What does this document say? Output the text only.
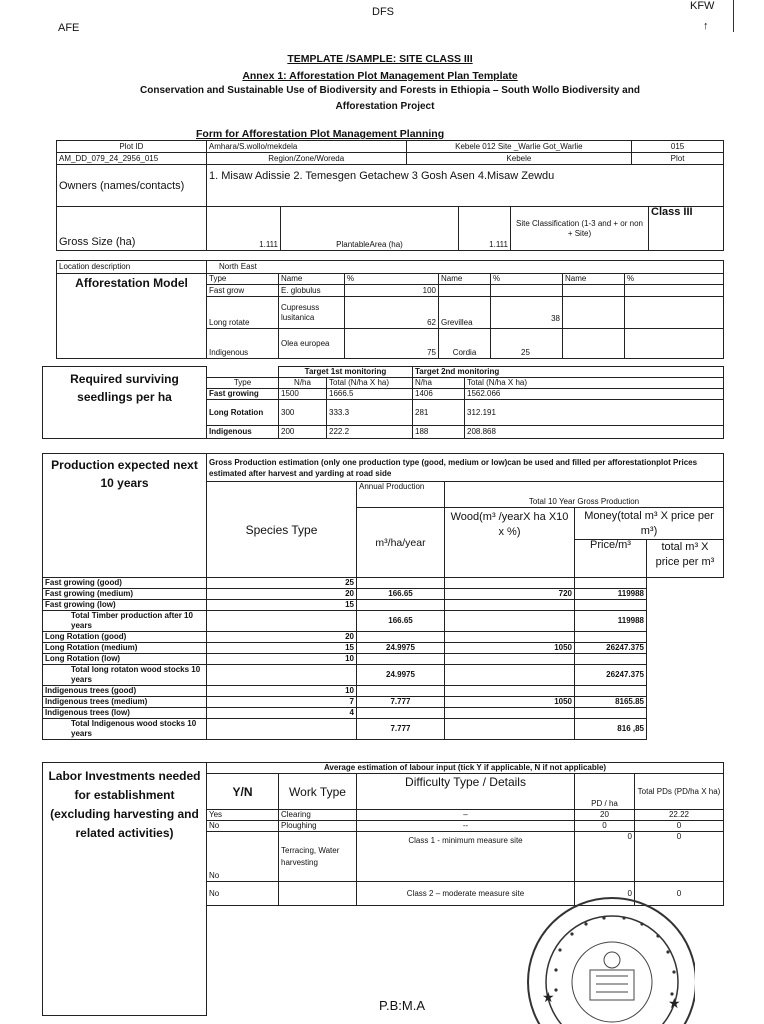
AFE
DFS	KFW
↑
TEMPLATE /SAMPLE: SITE CLASS III
Annex 1: Afforestation Plot Management Plan Template
Conservation and Sustainable Use of Biodiversity and Forests in Ethiopia – South Wollo Biodiversity and
Afforestation Project
Form for Afforestation Plot Management Planning
Plot ID	Amhara/S.wollo/mekdela	Kebele 012 Site _Warlie Got_Warlie	015
AM_DD_079_24_2956_015	Region/Zone/Woreda	Kebele	Plot
Owners (names/contacts)	1. Misaw Adissie 2. Temesgen Getachew 3 Gosh Asen 4.Misaw Zewdu
Gross Size (ha)	1.111	PlantableArea (ha)	1.111	Site Classification (1-3 and + or non + Site)	Class III
Location description	North East
Afforestation Model	Type	Name	%	Name	%	Name	%
	Fast grow	E. globulus	100				
	Long rotate	Cupresuss lusitanica	62	Grevillea	38		
	Indigenous	Olea europea	75	Cordia	25		
Required surviving seedlings per ha		Target 1st monitoring		Target 2nd monitoring	
	Type	N/ha	Total (N/ha X ha)	N/ha	Total (N/ha X ha)
	Fast growing	1500	1666.5	1406	1562.066
	Long Rotation	300	333.3	281	312.191
	Indigenous	200	222.2	188	208.868
Production expected next 10 years	Gross Production estimation (only one production type (good, medium or low)can be used and filled per afforestationplot Prices estimated after harvest and yarding at road side				
	Species Type	Annual Production	Total 10 Year Gross Production		
		m³/ha/year	Wood(m³ /yearX ha X10 x %)	Money(total m³ X price per m³)	
				Price/m³	total m³ X price per m³
Fast growing (good)	25				
Fast growing (medium)	20	166.65	720	119988	
Fast growing (low)	15				
Total Timber production after 10 years		166.65		119988	
Long Rotation (good)	20				
Long Rotation (medium)	15	24.9975	1050	26247.375	
Long Rotation (low)	10				
Total long rotaton wood stocks 10 years		24.9975		26247.375	
Indigenous trees (good)	10				
Indigenous trees (medium)	7	7.777	1050	8165.85	
Indigenous trees (low)	4				
Total Indigenous wood stocks 10 years		7.777		816 ,85	
Labor Investments needed for establishment (excluding harvesting and related activities)	Average estimation of labour input (tick Y if applicable, N if not applicable)				
	Y/N	Work Type	Difficulty Type / Details	PD / ha	Total PDs (PD/ha X ha)
	Yes	Clearing	–	20	22.22
	No	Ploughing	--	0	0
	No	Terracing, Water harvesting	Class 1 - minimum measure site	0	0
	No		Class 2 – moderate measure site	0	0

P.B:M.A	★	★
